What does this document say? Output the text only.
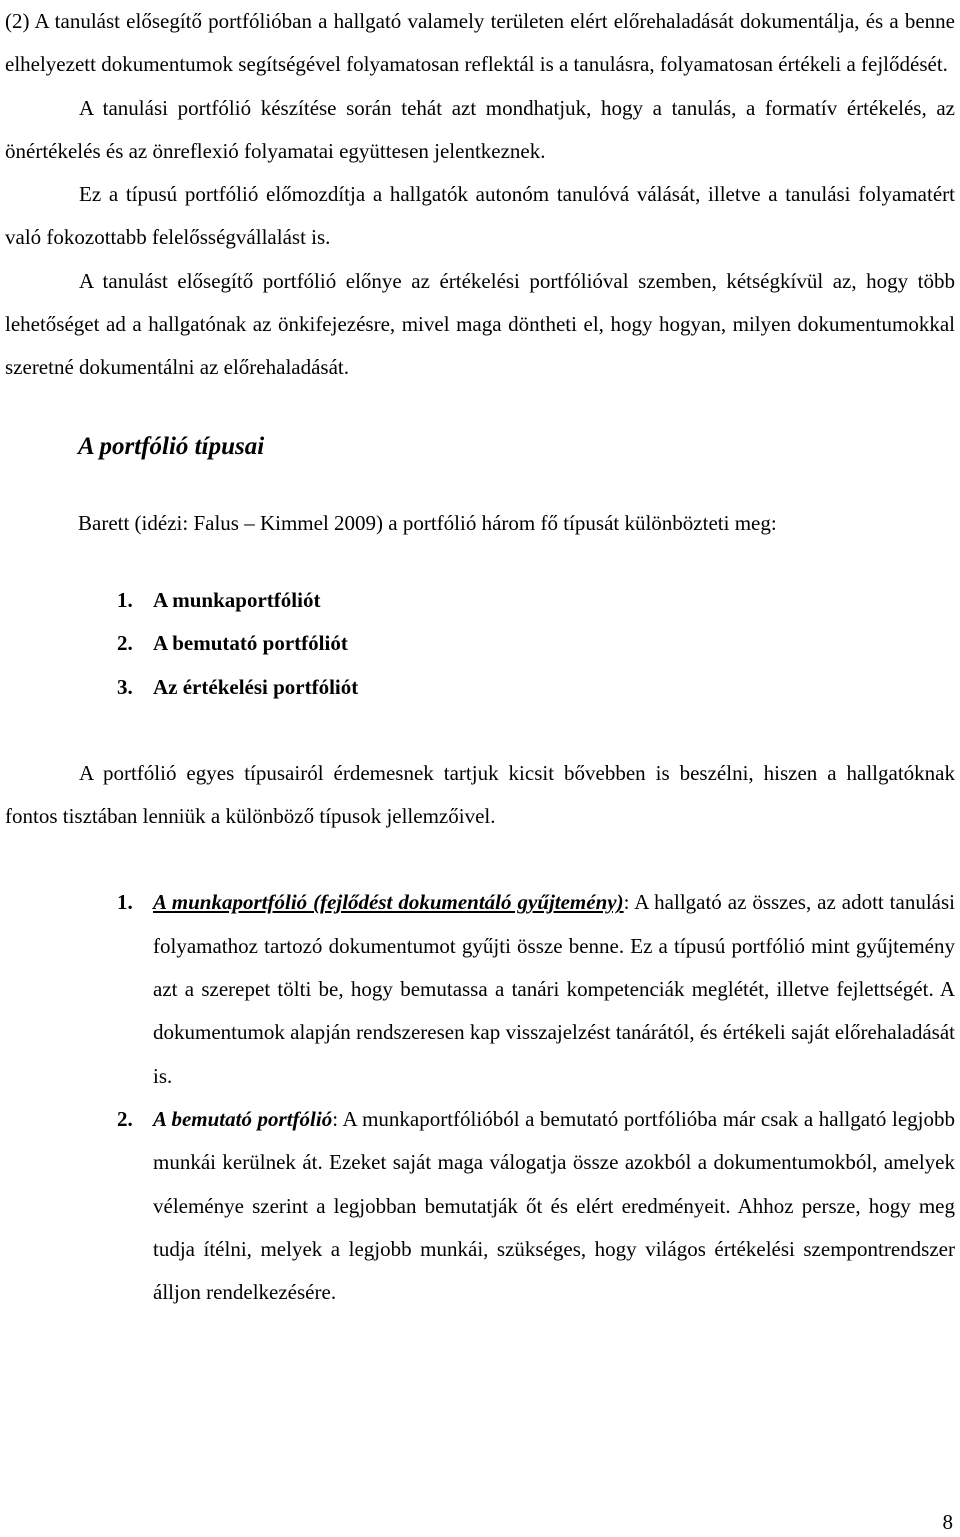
(2) A tanulást elősegítő portfólióban a hallgató valamely területen elért előrehaladását dokumentálja, és a benne elhelyezett dokumentumok segítségével folyamatosan reflektál is a tanulásra, folyamatosan értékeli a fejlődését.

A tanulási portfólió készítése során tehát azt mondhatjuk, hogy a tanulás, a formatív értékelés, az önértékelés és az önreflexió folyamatai együttesen jelentkeznek.

Ez a típusú portfólió előmozdítja a hallgatók autonóm tanulóvá válását, illetve a tanulási folyamatért való fokozottabb felelősségvállalást is.

A tanulást elősegítő portfólió előnye az értékelési portfólióval szemben, kétségkívül az, hogy több lehetőséget ad a hallgatónak az önkifejezésre, mivel maga döntheti el, hogy hogyan, milyen dokumentumokkal szeretné dokumentálni az előrehaladását.

A portfólió típusai

Barett (idézi: Falus – Kimmel 2009) a portfólió három fő típusát különbözteti meg:

1. A munkaportfóliót
2. A bemutató portfóliót
3. Az értékelési portfóliót

A portfólió egyes típusairól érdemesnek tartjuk kicsit bővebben is beszélni, hiszen a hallgatóknak fontos tisztában lenniük a különböző típusok jellemzőivel.

1. A munkaportfólió (fejlődést dokumentáló gyűjtemény): A hallgató az összes, az adott tanulási folyamathoz tartozó dokumentumot gyűjti össze benne. Ez a típusú portfólió mint gyűjtemény azt a szerepet tölti be, hogy bemutassa a tanári kompetenciák meglétét, illetve fejlettségét. A dokumentumok alapján rendszeresen kap visszajelzést tanárától, és értékeli saját előrehaladását is.
2. A bemutató portfólió: A munkaportfólióból a bemutató portfólióba már csak a hallgató legjobb munkái kerülnek át. Ezeket saját maga válogatja össze azokból a dokumentumokból, amelyek véleménye szerint a legjobban bemutatják őt és elért eredményeit. Ahhoz persze, hogy meg tudja ítélni, melyek a legjobb munkái, szükséges, hogy világos értékelési szempontrendszer álljon rendelkezésére.
8
